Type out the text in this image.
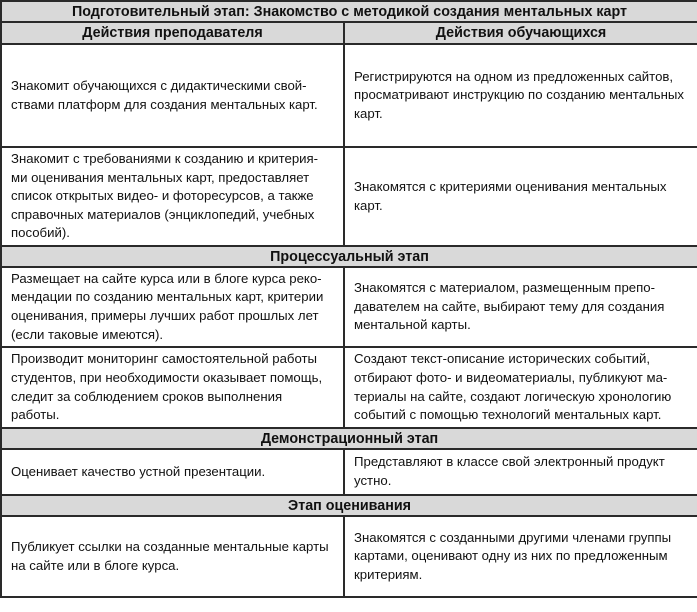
Подготовительный этап: Знакомство с методикой создания ментальных карт	
Действия преподавателя	Действия обучающихся

Знакомит обучающихся с дидактическими свой-
ствами платформ для создания ментальных карт.	Регистрируются на одном из предложенных сайтов,
просматривают инструкцию по созданию ментальных
карт.

Знакомит с требованиями к созданию и критерия-
ми оценивания ментальных карт, предоставляет
список открытых видео- и фоторесурсов, а также
справочных материалов (энциклопедий, учебных
пособий).	Знакомятся с критериями оценивания ментальных
карт.

Процессуальный этап	

Размещает на сайте курса или в блоге курса реко-
мендации по созданию ментальных карт, критерии
оценивания, примеры лучших работ прошлых лет
(если таковые имеются).	Знакомятся с материалом, размещенным препо-
давателем на сайте, выбирают тему для создания
ментальной карты.

Производит мониторинг самостоятельной работы
студентов, при необходимости оказывает помощь,
следит за соблюдением сроков выполнения
работы.	Создают текст-описание исторических событий,
отбирают фото- и видеоматериалы, публикуют ма-
териалы на сайте, создают логическую хронологию
событий с помощью технологий ментальных карт.

Демонстрационный этап	

Оценивает качество устной презентации.	Представляют в классе свой электронный продукт
устно.

Этап оценивания	

Публикует ссылки на созданные ментальные карты
на сайте или в блоге курса.	Знакомятся с созданными другими членами группы
картами, оценивают одну из них по предложенным
критериям.
